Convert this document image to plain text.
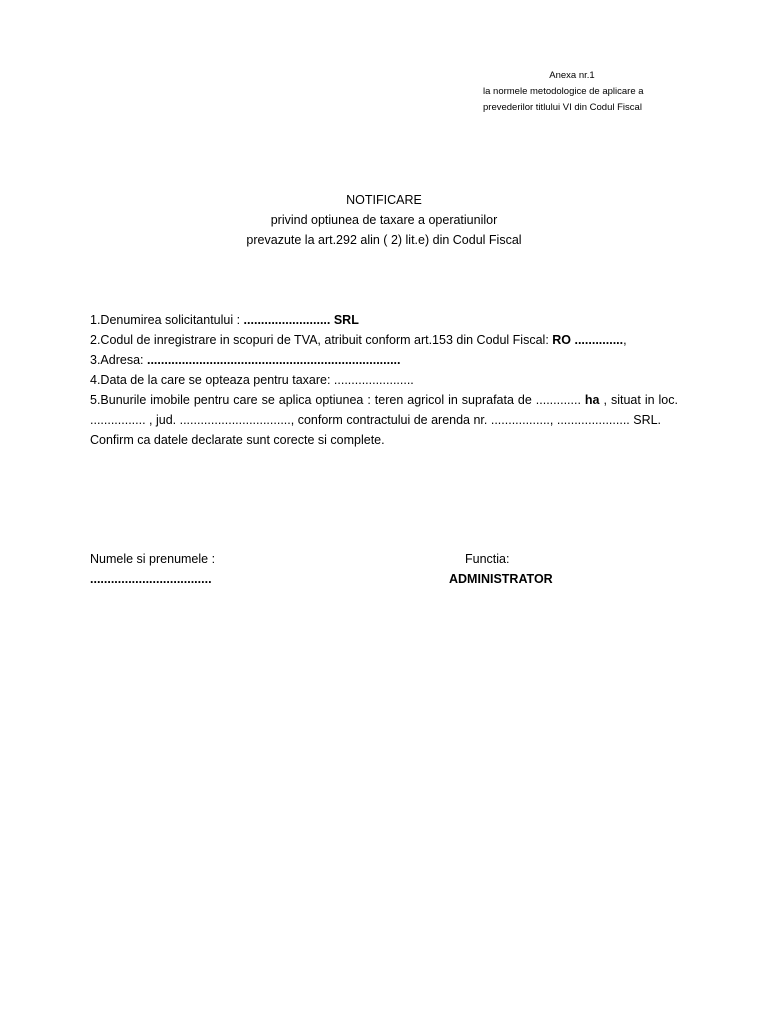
Anexa nr.1
la normele metodologice de aplicare a
prevederilor titlului VI din Codul Fiscal
NOTIFICARE
privind optiunea de taxare a operatiunilor
prevazute la art.292 alin ( 2) lit.e) din Codul Fiscal

1.Denumirea solicitantului : ......................... SRL

2.Codul de inregistrare in scopuri de TVA, atribuit conform art.153 din Codul Fiscal: RO ..............,

3.Adresa: .........................................................................

4.Data de la care se opteaza pentru taxare: .......................

5.Bunurile imobile pentru care se aplica optiunea : teren agricol in suprafata de ............. ha , situat in loc. ................ , jud. ................................, conform contractului de arenda nr. ................., ..................... SRL.

Confirm ca datele declarate sunt corecte si complete.

Numele si prenumele :
...................................
Functia:
ADMINISTRATOR
